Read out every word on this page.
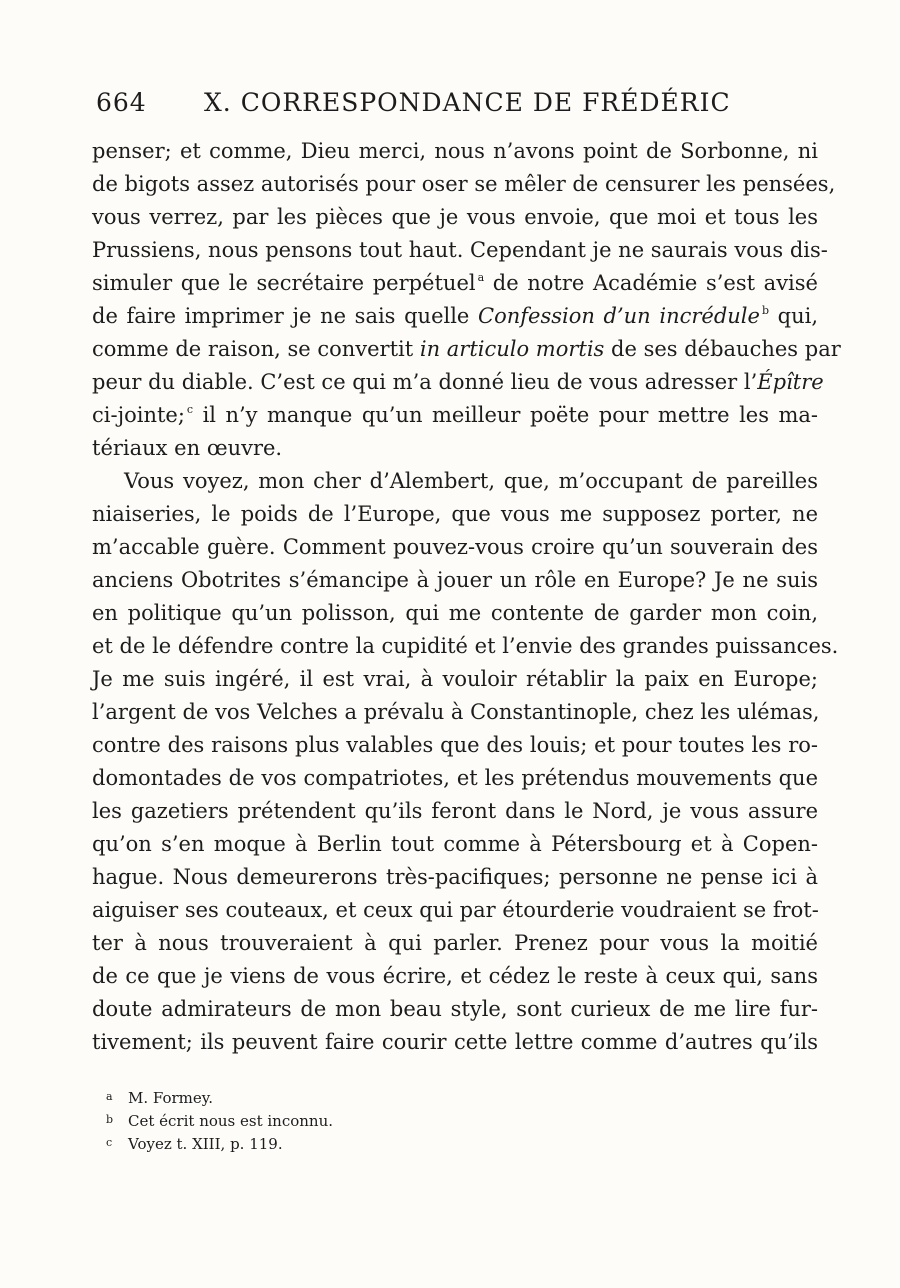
664 X. CORRESPONDANCE DE FRÉDÉRIC
penser; et comme, Dieu merci, nous n’avons point de Sorbonne, ni
de bigots assez autorisés pour oser se mêler de censurer les pensées,
vous verrez, par les pièces que je vous envoie, que moi et tous les
Prussiens, nous pensons tout haut. Cependant je ne saurais vous dis-
simuler que le secrétaire perpétuel $^a$ de notre Académie s’est avisé
de faire imprimer je ne sais quelle Confession d’un incrédule $^b$ qui,
comme de raison, se convertit in articulo mortis de ses débauches par
peur du diable. C’est ce qui m’a donné lieu de vous adresser l’Épître
ci-jointe; $^c$ il n’y manque qu’un meilleur poëte pour mettre les ma-
tériaux en œuvre.
Vous voyez, mon cher d’Alembert, que, m’occupant de pareilles
niaiseries, le poids de l’Europe, que vous me supposez porter, ne
m’accable guère. Comment pouvez-vous croire qu’un souverain des
anciens Obotrites s’émancipe à jouer un rôle en Europe? Je ne suis
en politique qu’un polisson, qui me contente de garder mon coin,
et de le défendre contre la cupidité et l’envie des grandes puissances.
Je me suis ingéré, il est vrai, à vouloir rétablir la paix en Europe;
l’argent de vos Velches a prévalu à Constantinople, chez les ulémas,
contre des raisons plus valables que des louis; et pour toutes les ro-
domontades de vos compatriotes, et les prétendus mouvements que
les gazetiers prétendent qu’ils feront dans le Nord, je vous assure
qu’on s’en moque à Berlin tout comme à Pétersbourg et à Copen-
hague. Nous demeurerons très-pacifiques; personne ne pense ici à
aiguiser ses couteaux, et ceux qui par étourderie voudraient se frot-
ter à nous trouveraient à qui parler. Prenez pour vous la moitié
de ce que je viens de vous écrire, et cédez le reste à ceux qui, sans
doute admirateurs de mon beau style, sont curieux de me lire fur-
tivement; ils peuvent faire courir cette lettre comme d’autres qu’ils
a M. Formey.
b Cet écrit nous est inconnu.
c Voyez t. XIII, p. 119.
